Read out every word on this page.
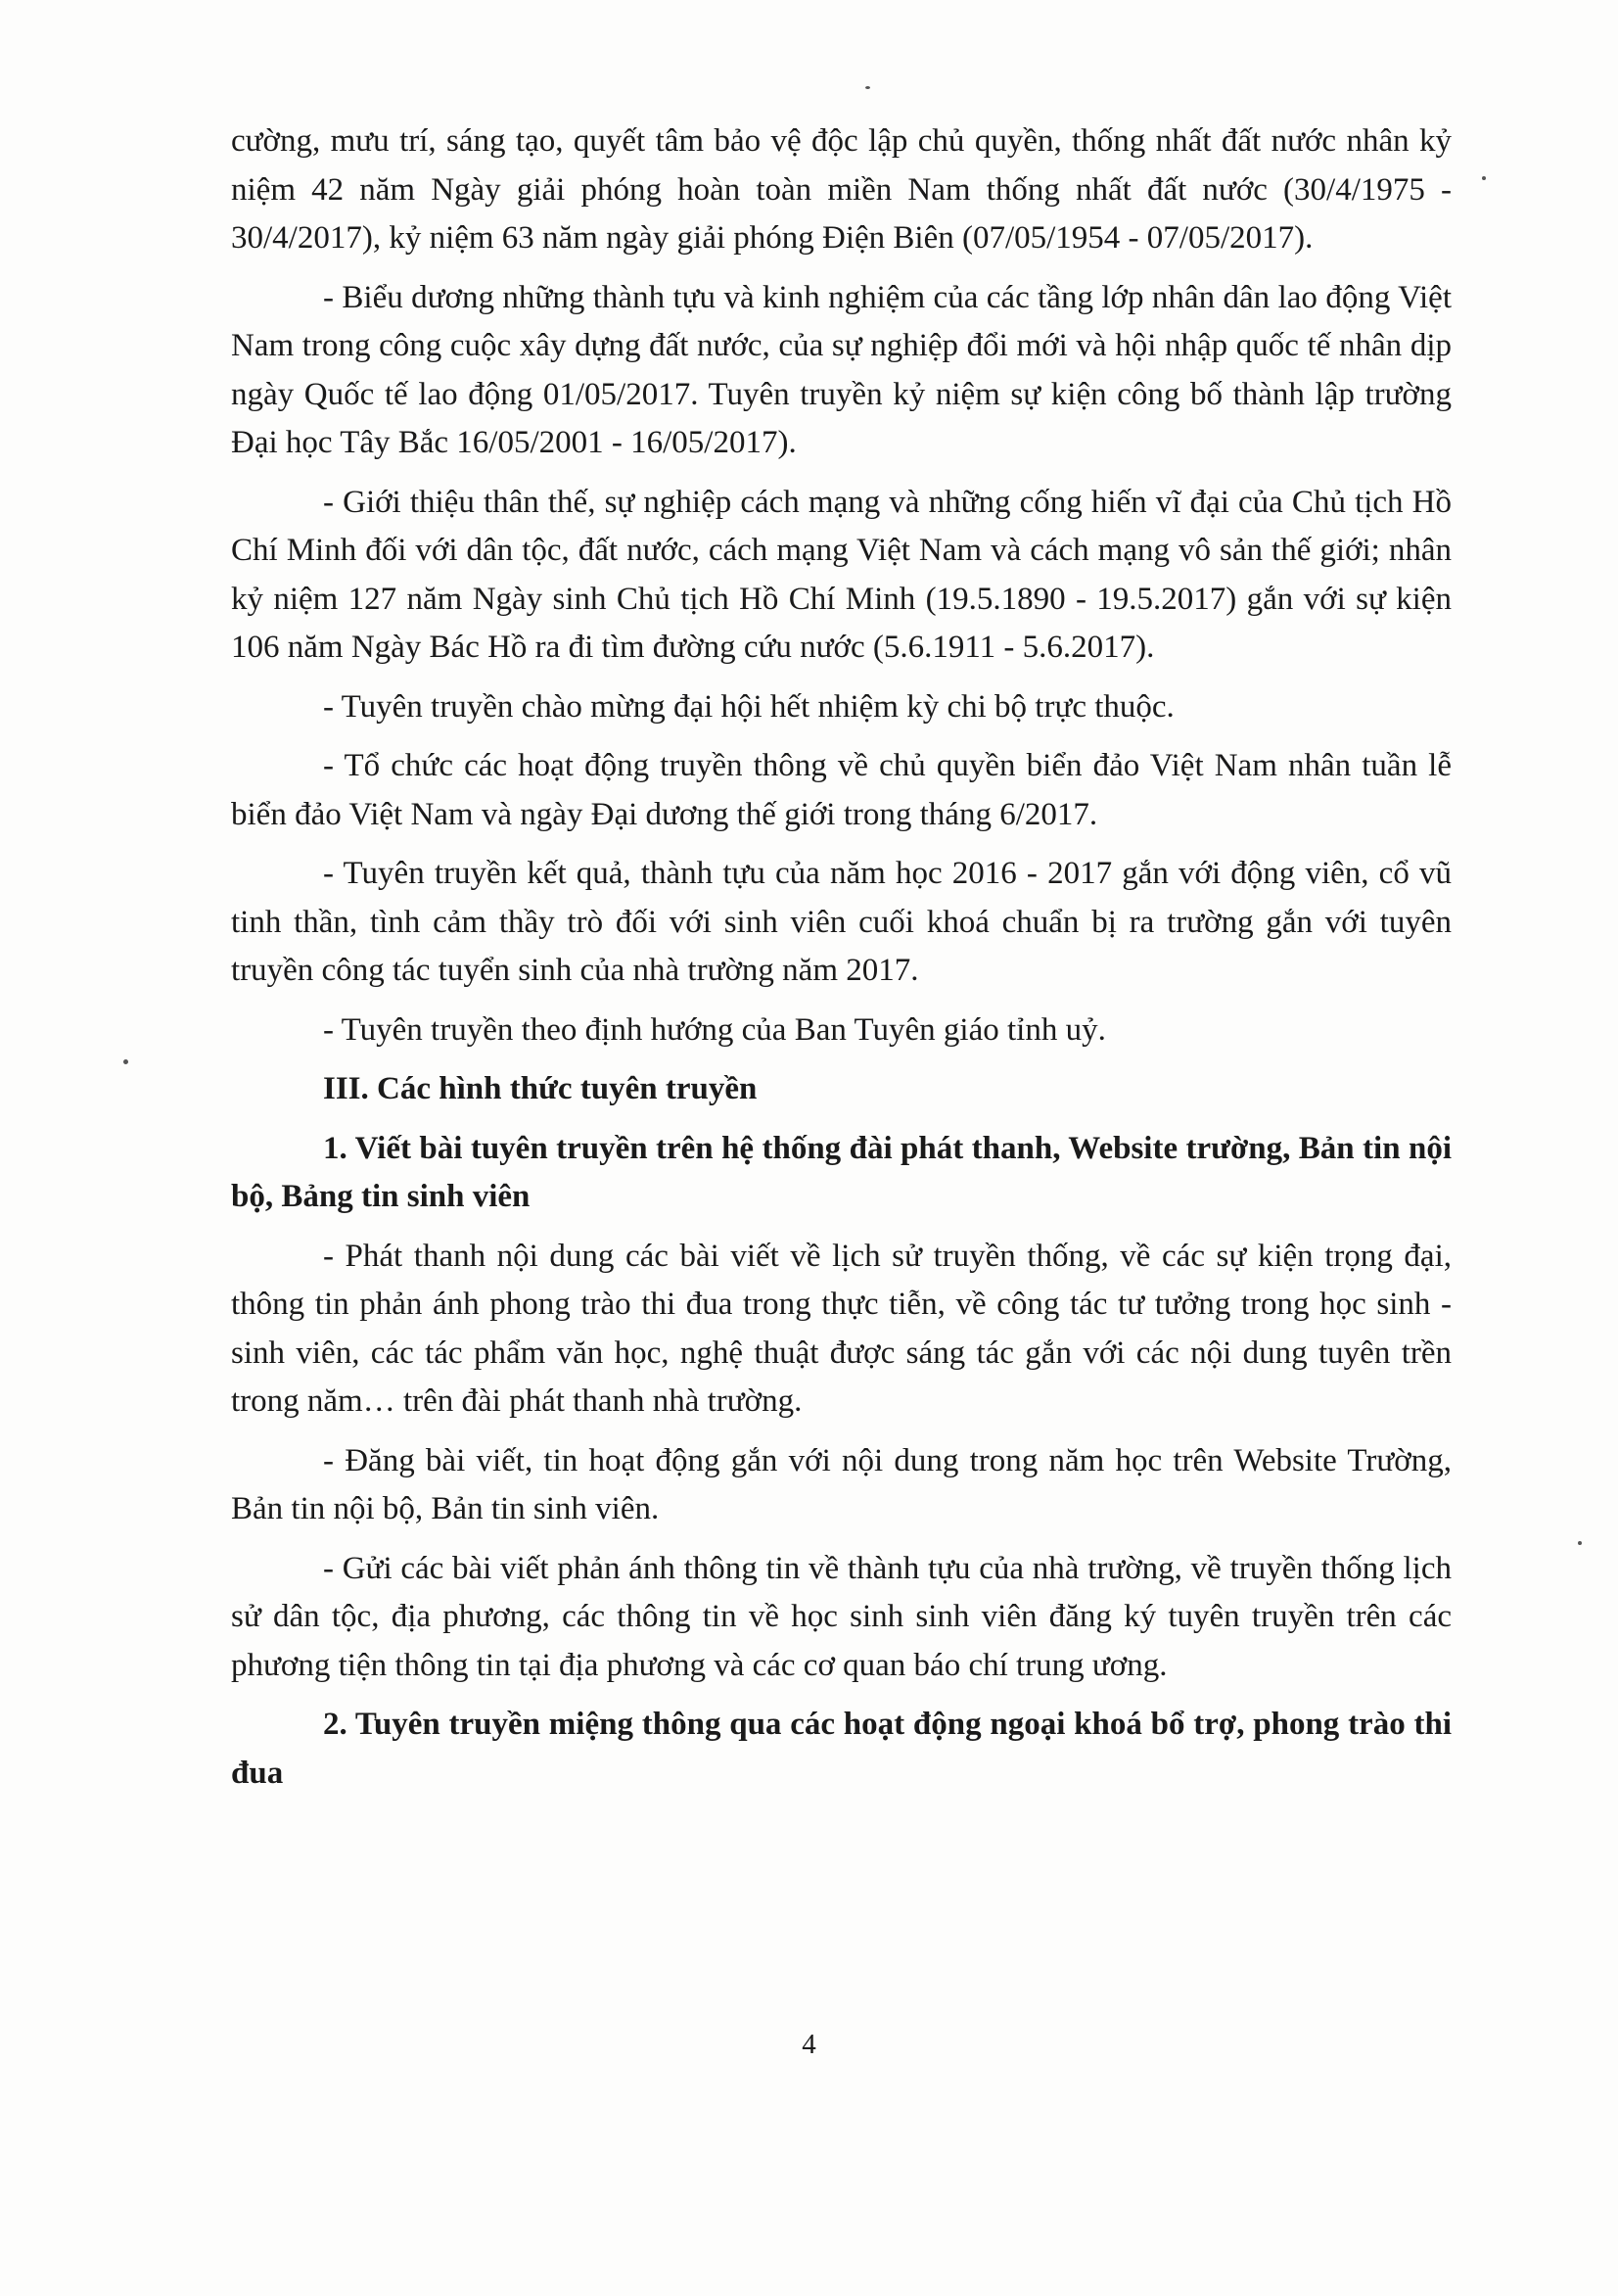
cường, mưu trí, sáng tạo, quyết tâm bảo vệ độc lập chủ quyền, thống nhất đất nước nhân kỷ niệm 42 năm Ngày giải phóng hoàn toàn miền Nam thống nhất đất nước (30/4/1975 - 30/4/2017), kỷ niệm 63 năm ngày giải phóng Điện Biên (07/05/1954 - 07/05/2017).

- Biểu dương những thành tựu và kinh nghiệm của các tầng lớp nhân dân lao động Việt Nam trong công cuộc xây dựng đất nước, của sự nghiệp đổi mới và hội nhập quốc tế nhân dịp ngày Quốc tế lao động 01/05/2017. Tuyên truyền kỷ niệm sự kiện công bố thành lập trường Đại học Tây Bắc 16/05/2001 - 16/05/2017).

- Giới thiệu thân thế, sự nghiệp cách mạng và những cống hiến vĩ đại của Chủ tịch Hồ Chí Minh đối với dân tộc, đất nước, cách mạng Việt Nam và cách mạng vô sản thế giới; nhân kỷ niệm 127 năm Ngày sinh Chủ tịch Hồ Chí Minh (19.5.1890 - 19.5.2017) gắn với sự kiện 106 năm Ngày Bác Hồ ra đi tìm đường cứu nước (5.6.1911 - 5.6.2017).

- Tuyên truyền chào mừng đại hội hết nhiệm kỳ chi bộ trực thuộc.

- Tổ chức các hoạt động truyền thông về chủ quyền biển đảo Việt Nam nhân tuần lễ biển đảo Việt Nam và ngày Đại dương thế giới trong tháng 6/2017.

- Tuyên truyền kết quả, thành tựu của năm học 2016 - 2017 gắn với động viên, cổ vũ tinh thần, tình cảm thầy trò đối với sinh viên cuối khoá chuẩn bị ra trường gắn với tuyên truyền công tác tuyển sinh của nhà trường năm 2017.

- Tuyên truyền theo định hướng của Ban Tuyên giáo tỉnh uỷ.

III. Các hình thức tuyên truyền

1. Viết bài tuyên truyền trên hệ thống đài phát thanh, Website trường, Bản tin nội bộ, Bảng tin sinh viên

- Phát thanh nội dung các bài viết về lịch sử truyền thống, về các sự kiện trọng đại, thông tin phản ánh phong trào thi đua trong thực tiễn, về công tác tư tưởng trong học sinh - sinh viên, các tác phẩm văn học, nghệ thuật được sáng tác gắn với các nội dung tuyên trền trong năm… trên đài phát thanh nhà trường.

- Đăng bài viết, tin hoạt động gắn với nội dung trong năm học trên Website Trường, Bản tin nội bộ, Bản tin sinh viên.

- Gửi các bài viết phản ánh thông tin về thành tựu của nhà trường, về truyền thống lịch sử dân tộc, địa phương, các thông tin về học sinh sinh viên đăng ký tuyên truyền trên các phương tiện thông tin tại địa phương và các cơ quan báo chí trung ương.

2. Tuyên truyền miệng thông qua các hoạt động ngoại khoá bổ trợ, phong trào thi đua

4
